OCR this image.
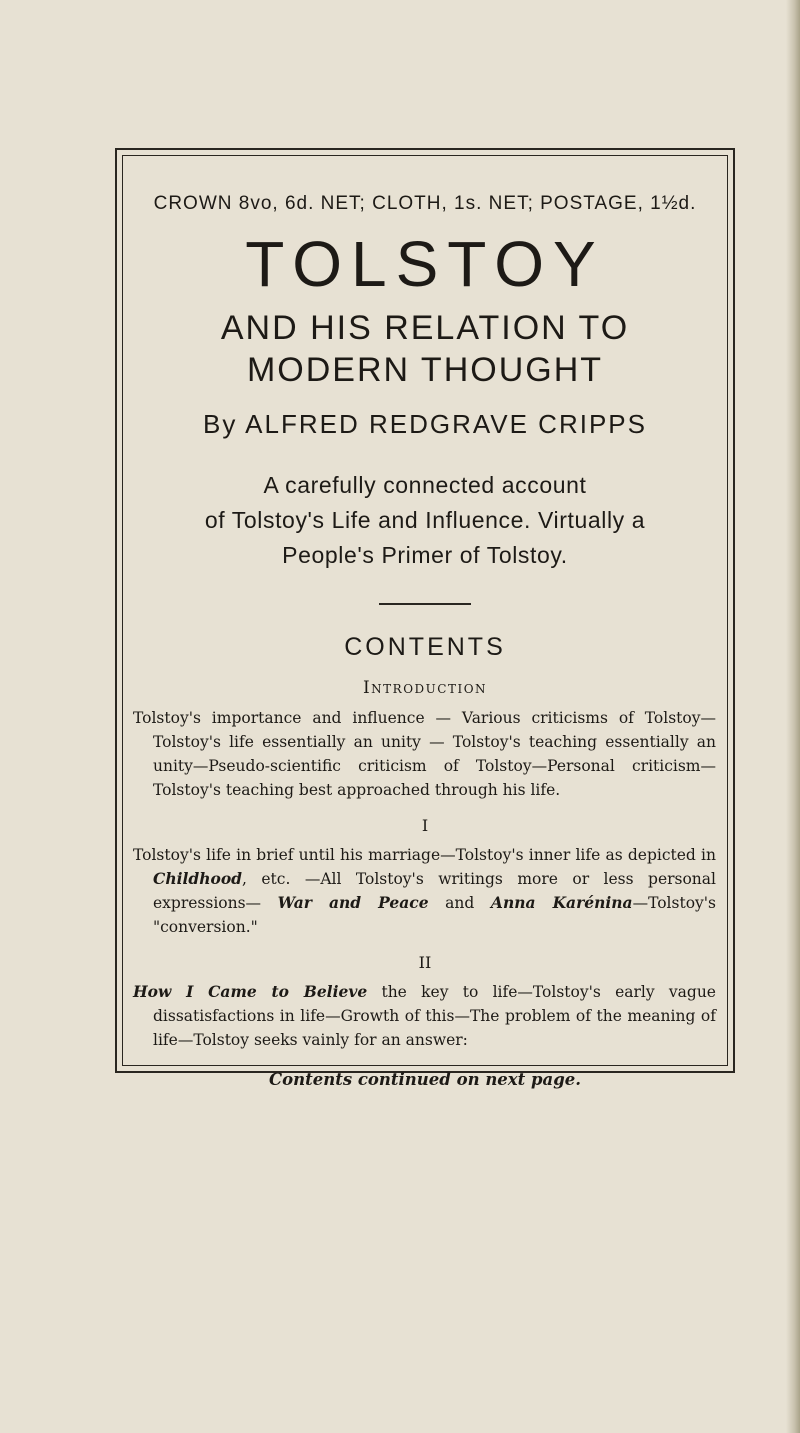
CROWN 8vo, 6d. NET; CLOTH, 1s. NET; POSTAGE, 1½d.
TOLSTOY
AND HIS RELATION TO
MODERN THOUGHT
By ALFRED REDGRAVE CRIPPS
A carefully connected account
of Tolstoy's Life and Influence. Virtually a
People's Primer of Tolstoy.
CONTENTS
Introduction
Tolstoy's importance and influence — Various criticisms of Tolstoy—Tolstoy's life essentially an unity — Tolstoy's teaching essentially an unity—Pseudo-scientific criticism of Tolstoy—Personal criticism—Tolstoy's teaching best approached through his life.
I
Tolstoy's life in brief until his marriage—Tolstoy's inner life as depicted in Childhood, etc. —All Tolstoy's writings more or less personal expressions— War and Peace and Anna Karénina—Tolstoy's "conversion."
II
How I Came to Believe the key to life—Tolstoy's early vague dissatisfactions in life—Growth of this—The problem of the meaning of life—Tolstoy seeks vainly for an answer:
Contents continued on next page.
